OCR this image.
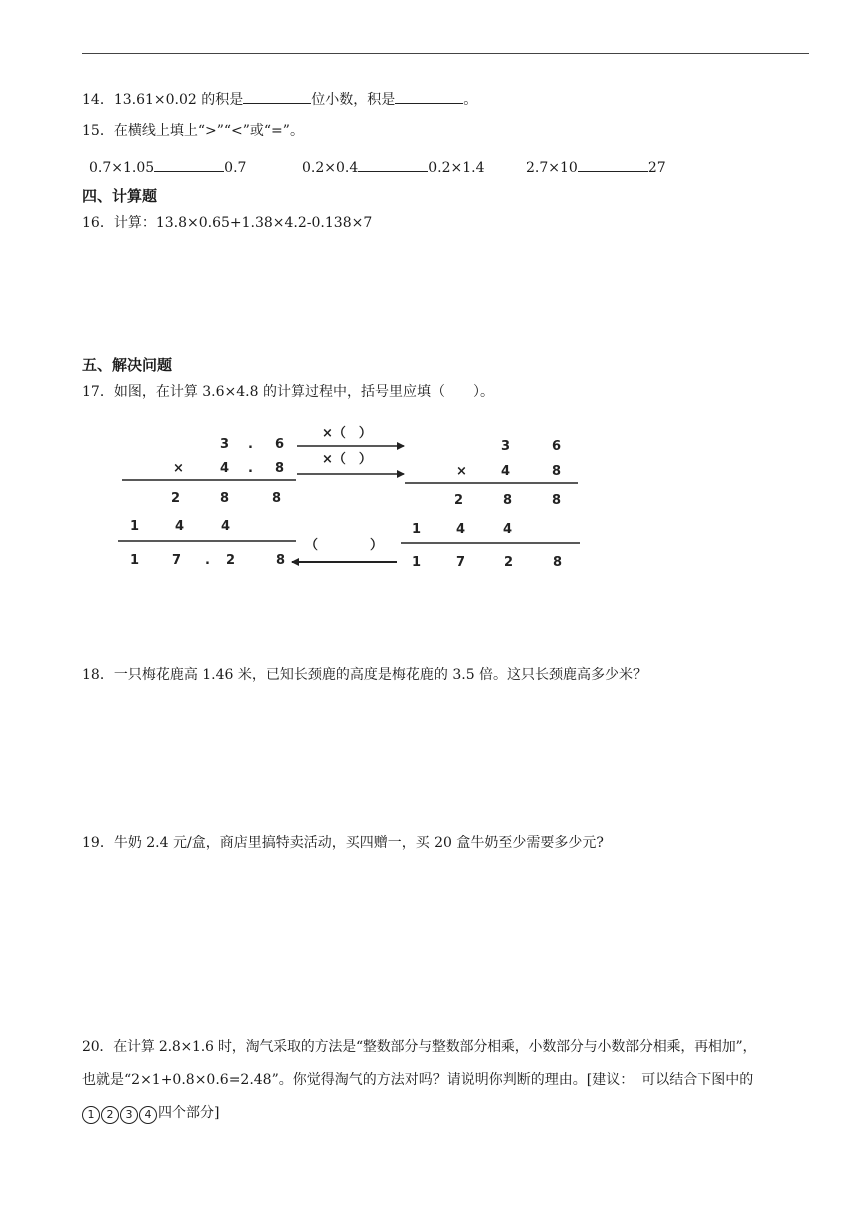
14．13.61×0.02 的积是	位小数，积是	。
15．在横线上填上“>”“<”或“=”。
0.7×1.05	0.7	0.2×0.4	0.2×1.4	2.7×10	27
四、计算题
16．计算：13.8×0.65+1.38×4.2-0.138×7
五、解决问题
17．如图，在计算 3.6×4.8 的计算过程中，括号里应填（　　）。
3 . 6
×	4 . 8
2	8	8
1	4	4
1	7 . 2	8
×（　）
×（　）
（　　　　）
3	6
×	4	8
2	8	8
1	4	4
1	7	2	8
18．一只梅花鹿高 1.46 米，已知长颈鹿的高度是梅花鹿的 3.5 倍。这只长颈鹿高多少米？
19．牛奶 2.4 元/盒，商店里搞特卖活动，买四赠一，买 20 盒牛奶至少需要多少元?
20．在计算 2.8×1.6 时，淘气采取的方法是“整数部分与整数部分相乘，小数部分与小数部分相乘，再相加”，
也就是“2×1+0.8×0.6=2.48”。你觉得淘气的方法对吗？请说明你判断的理由。[建议：　可以结合下图中的
1 2 3 4 四个部分]
